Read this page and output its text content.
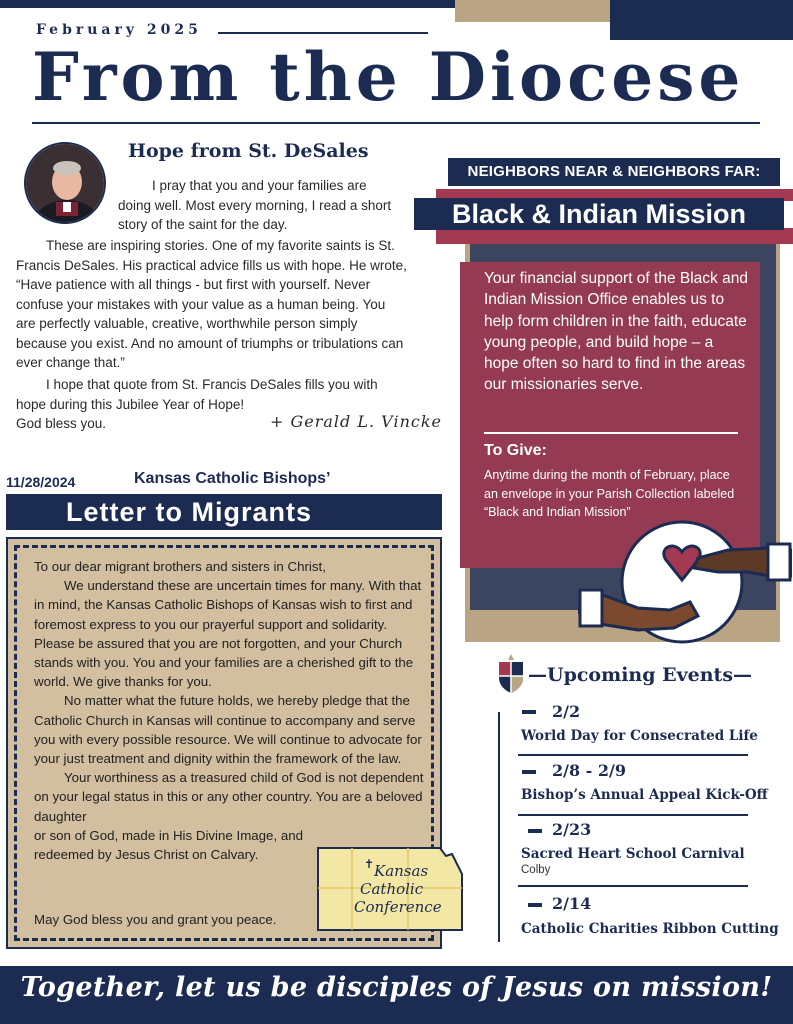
February 2025
From the Diocese
Hope from St. DeSales

I pray that you and your families are doing well. Most every morning, I read a short story of the saint for the day.

These are inspiring stories. One of my favorite saints is St. Francis DeSales. His practical advice fills us with hope. He wrote, “Have patience with all things - but first with yourself. Never confuse your mistakes with your value as a human being. You are perfectly valuable, creative, worthwhile person simply because you exist. And no amount of triumphs or tribulations can ever change that.”

I hope that quote from St. Francis DeSales fills you with hope during this Jubilee Year of Hope!

God bless you.	+ Gerald L. Vincke
11/28/2024	Kansas Catholic Bishops’
Letter to Migrants

To our dear migrant brothers and sisters in Christ,

We understand these are uncertain times for many. With that in mind, the Kansas Catholic Bishops of Kansas wish to first and foremost express to you our prayerful support and solidarity. Please be assured that you are not forgotten, and your Church stands with you. You and your families are a cherished gift to the world. We give thanks for you.

No matter what the future holds, we hereby pledge that the Catholic Church in Kansas will continue to accompany and serve you with every possible resource. We will continue to advocate for your just treatment and dignity within the framework of the law.

Your worthiness as a treasured child of God is not dependent on your legal status in this or any other country. You are a beloved daughter

or son of God, made in His Divine Image, and redeemed by Jesus Christ on Calvary.

May God bless you and grant you peace.
✝ Kansas
Catholic
Conference
NEIGHBORS NEAR & NEIGHBORS FAR:
Black & Indian Mission

Your financial support of the Black and Indian Mission Office enables us to help form children in the faith, educate young people, and build hope – a hope often so hard to find in the areas our missionaries serve.

To Give:

Anytime during the month of February, place an envelope in your Parish Collection labeled “Black and Indian Mission”

—Upcoming Events—
2/2
World Day for Consecrated Life
2/8 - 2/9
Bishop’s Annual Appeal Kick-Off
2/23
Sacred Heart School Carnival
Colby
2/14
Catholic Charities Ribbon Cutting
Together, let us be disciples of Jesus on mission!
